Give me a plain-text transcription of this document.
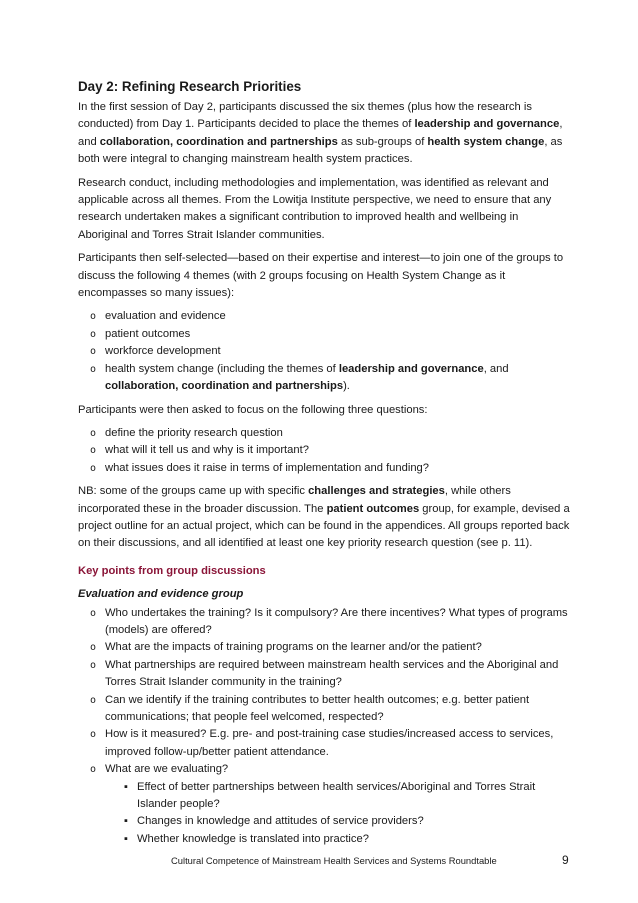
Day 2: Refining Research Priorities

In the first session of Day 2, participants discussed the six themes (plus how the research is conducted) from Day 1. Participants decided to place the themes of leadership and governance, and collaboration, coordination and partnerships as sub-groups of health system change, as both were integral to changing mainstream health system practices.

Research conduct, including methodologies and implementation, was identified as relevant and applicable across all themes. From the Lowitja Institute perspective, we need to ensure that any research undertaken makes a significant contribution to improved health and wellbeing in Aboriginal and Torres Strait Islander communities.

Participants then self-selected—based on their expertise and interest—to join one of the groups to discuss the following 4 themes (with 2 groups focusing on Health System Change as it encompasses so many issues):

o evaluation and evidence
o patient outcomes
o workforce development
o health system change (including the themes of leadership and governance, and collaboration, coordination and partnerships).

Participants were then asked to focus on the following three questions:

o define the priority research question
o what will it tell us and why is it important?
o what issues does it raise in terms of implementation and funding?

NB: some of the groups came up with specific challenges and strategies, while others incorporated these in the broader discussion. The patient outcomes group, for example, devised a project outline for an actual project, which can be found in the appendices. All groups reported back on their discussions, and all identified at least one key priority research question (see p. 11).

Key points from group discussions
Evaluation and evidence group
o Who undertakes the training? Is it compulsory? Are there incentives? What types of programs (models) are offered?
o What are the impacts of training programs on the learner and/or the patient?
o What partnerships are required between mainstream health services and the Aboriginal and Torres Strait Islander community in the training?
o Can we identify if the training contributes to better health outcomes; e.g. better patient communications; that people feel welcomed, respected?
o How is it measured? E.g. pre- and post-training case studies/increased access to services, improved follow-up/better patient attendance.
o What are we evaluating?
▪ Effect of better partnerships between health services/Aboriginal and Torres Strait Islander people?
▪ Changes in knowledge and attitudes of service providers?
▪ Whether knowledge is translated into practice?
Cultural Competence of Mainstream Health Services and Systems Roundtable	9
